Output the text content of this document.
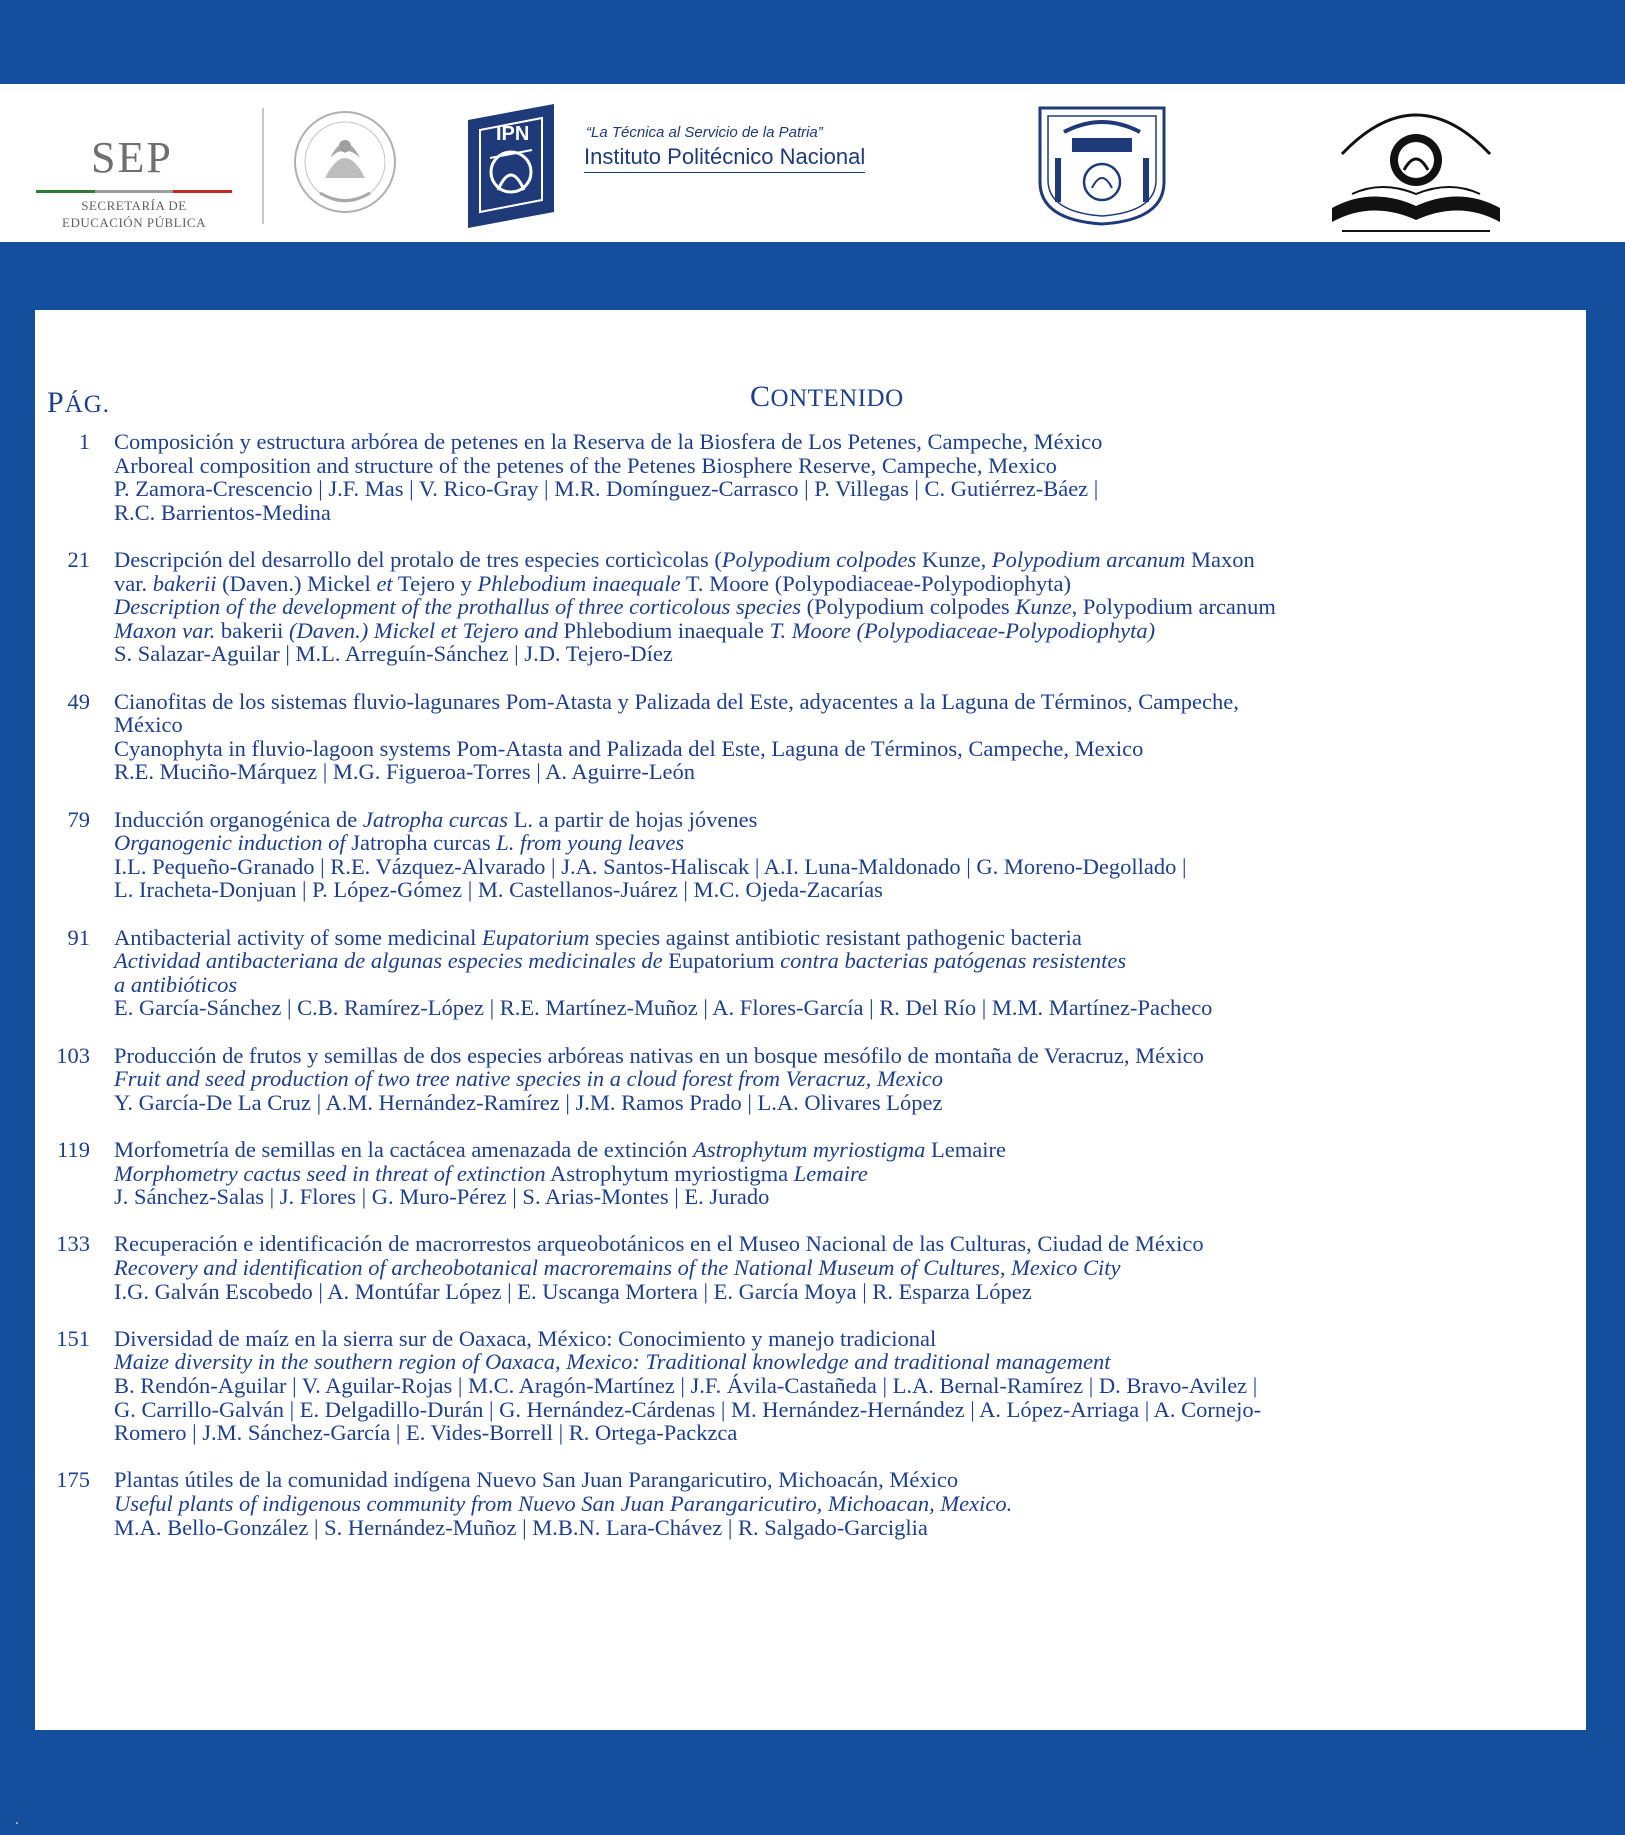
SEP
SECRETARÍA DE
EDUCACIÓN PÚBLICA
IPN	“La Técnica al Servicio de la Patria”
Instituto Politécnico Nacional
PÁG.	CONTENIDO
1 Composición y estructura arbórea de petenes en la Reserva de la Biosfera de Los Petenes, Campeche, México
Arboreal composition and structure of the petenes of the Petenes Biosphere Reserve, Campeche, Mexico
P. Zamora-Crescencio | J.F. Mas | V. Rico-Gray | M.R. Domínguez-Carrasco | P. Villegas | C. Gutiérrez-Báez |
R.C. Barrientos-Medina
21 Descripción del desarrollo del protalo de tres especies corticìcolas (Polypodium colpodes Kunze, Polypodium arcanum Maxon
var. bakerii (Daven.) Mickel et Tejero y Phlebodium inaequale T. Moore (Polypodiaceae-Polypodiophyta)
Description of the development of the prothallus of three corticolous species (Polypodium colpodes Kunze, Polypodium arcanum
Maxon var. bakerii (Daven.) Mickel et Tejero and Phlebodium inaequale T. Moore (Polypodiaceae-Polypodiophyta)
S. Salazar-Aguilar | M.L. Arreguín-Sánchez | J.D. Tejero-Díez
49 Cianofitas de los sistemas fluvio-lagunares Pom-Atasta y Palizada del Este, adyacentes a la Laguna de Términos, Campeche,
México
Cyanophyta in fluvio-lagoon systems Pom-Atasta and Palizada del Este, Laguna de Términos, Campeche, Mexico
R.E. Muciño-Márquez | M.G. Figueroa-Torres | A. Aguirre-León
79 Inducción organogénica de Jatropha curcas L. a partir de hojas jóvenes
Organogenic induction of Jatropha curcas L. from young leaves
I.L. Pequeño-Granado | R.E. Vázquez-Alvarado | J.A. Santos-Haliscak | A.I. Luna-Maldonado | G. Moreno-Degollado |
L. Iracheta-Donjuan | P. López-Gómez | M. Castellanos-Juárez | M.C. Ojeda-Zacarías
91 Antibacterial activity of some medicinal Eupatorium species against antibiotic resistant pathogenic bacteria
Actividad antibacteriana de algunas especies medicinales de Eupatorium contra bacterias patógenas resistentes
a antibióticos
E. García-Sánchez | C.B. Ramírez-López | R.E. Martínez-Muñoz | A. Flores-García | R. Del Río | M.M. Martínez-Pacheco
103 Producción de frutos y semillas de dos especies arbóreas nativas en un bosque mesófilo de montaña de Veracruz, México
Fruit and seed production of two tree native species in a cloud forest from Veracruz, Mexico
Y. García-De La Cruz | A.M. Hernández-Ramírez | J.M. Ramos Prado | L.A. Olivares López
119 Morfometría de semillas en la cactácea amenazada de extinción Astrophytum myriostigma Lemaire
Morphometry cactus seed in threat of extinction Astrophytum myriostigma Lemaire
J. Sánchez-Salas | J. Flores | G. Muro-Pérez | S. Arias-Montes | E. Jurado
133 Recuperación e identificación de macrorrestos arqueobotánicos en el Museo Nacional de las Culturas, Ciudad de México
Recovery and identification of archeobotanical macroremains of the National Museum of Cultures, Mexico City
I.G. Galván Escobedo | A. Montúfar López | E. Uscanga Mortera | E. García Moya | R. Esparza López
151 Diversidad de maíz en la sierra sur de Oaxaca, México: Conocimiento y manejo tradicional
Maize diversity in the southern region of Oaxaca, Mexico: Traditional knowledge and traditional management
B. Rendón-Aguilar | V. Aguilar-Rojas | M.C. Aragón-Martínez | J.F. Ávila-Castañeda | L.A. Bernal-Ramírez | D. Bravo-Avilez |
G. Carrillo-Galván | E. Delgadillo-Durán | G. Hernández-Cárdenas | M. Hernández-Hernández | A. López-Arriaga | A. Cornejo-
Romero | J.M. Sánchez-García | E. Vides-Borrell | R. Ortega-Packzca
175 Plantas útiles de la comunidad indígena Nuevo San Juan Parangaricutiro, Michoacán, México
Useful plants of indigenous community from Nuevo San Juan Parangaricutiro, Michoacan, Mexico.
M.A. Bello-González | S. Hernández-Muñoz | M.B.N. Lara-Chávez | R. Salgado-Garciglia
